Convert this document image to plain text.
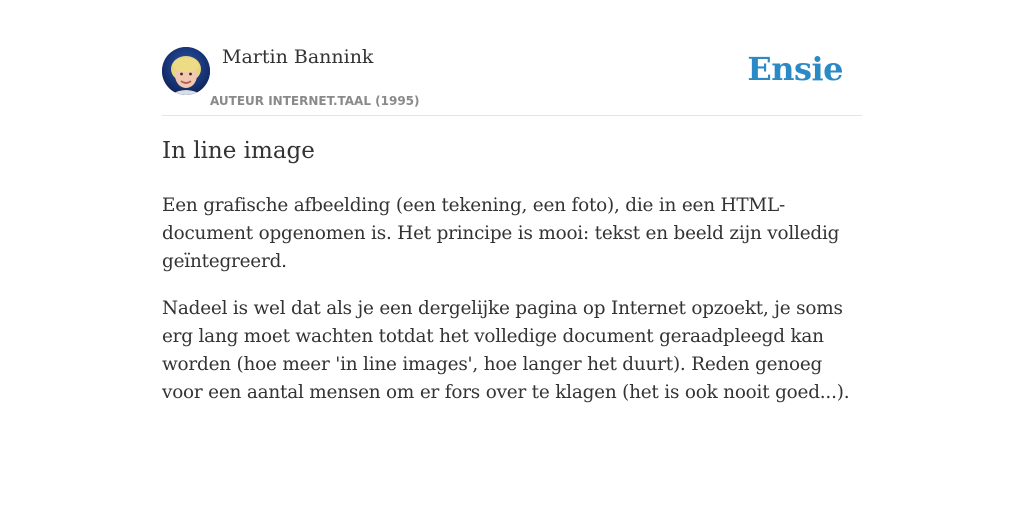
Martin Bannink
AUTEUR INTERNET.TAAL (1995)
Ensie
In line image

Een grafische afbeelding (een tekening, een foto), die in een HTML-document opgenomen is. Het principe is mooi: tekst en beeld zijn volledig geïntegreerd.

Nadeel is wel dat als je een dergelijke pagina op Internet opzoekt, je soms erg lang moet wachten totdat het volledige document geraadpleegd kan worden (hoe meer 'in line images', hoe langer het duurt). Reden genoeg voor een aantal mensen om er fors over te klagen (het is ook nooit goed...).
